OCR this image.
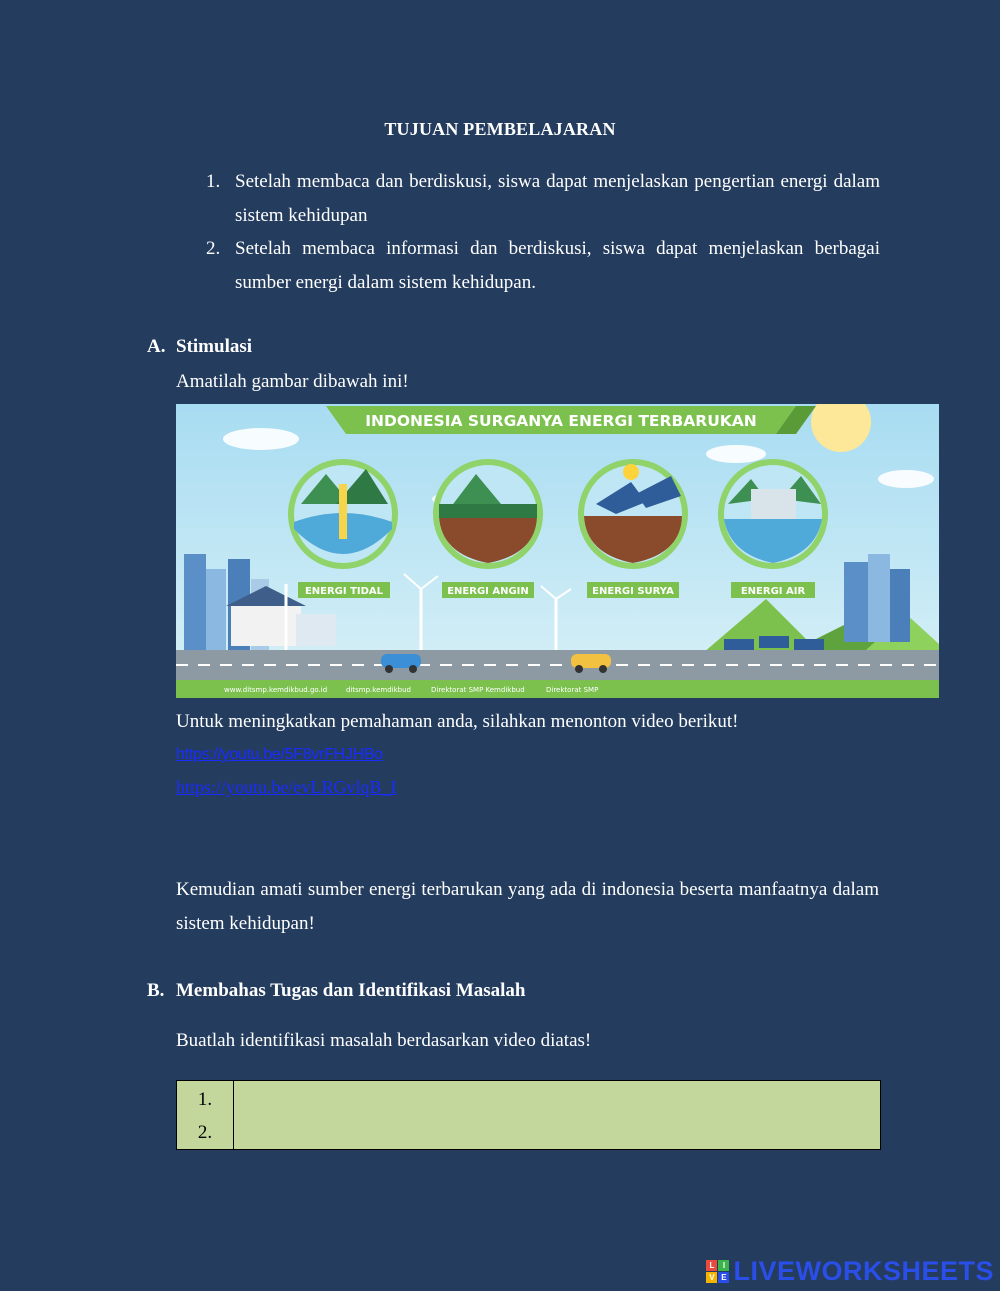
TUJUAN PEMBELAJARAN
1. Setelah membaca dan berdiskusi, siswa dapat menjelaskan pengertian energi dalam sistem kehidupan
2. Setelah membaca informasi dan berdiskusi, siswa dapat menjelaskan berbagai sumber energi dalam sistem kehidupan.
A. Stimulasi
Amatilah gambar dibawah ini!
INDONESIA SURGANYA ENERGI TERBARUKAN
ENERGI TIDAL	ENERGI ANGIN	ENERGI SURYA	ENERGI AIR
www.ditsmp.kemdikbud.go.id	ditsmp.kemdikbud	Direktorat SMP Kemdikbud	Direktorat SMP
Untuk meningkatkan pemahaman anda, silahkan menonton video berikut!
https://youtu.be/5F8vrFHJHBo
https://youtu.be/evLRGvlqB_I
Kemudian amati sumber energi terbarukan yang ada di indonesia beserta manfaatnya dalam sistem kehidupan!
B. Membahas Tugas dan Identifikasi Masalah
Buatlah identifikasi masalah berdasarkan video diatas!
1.
2.
L	I
V E LIVEWORKSHEETS
